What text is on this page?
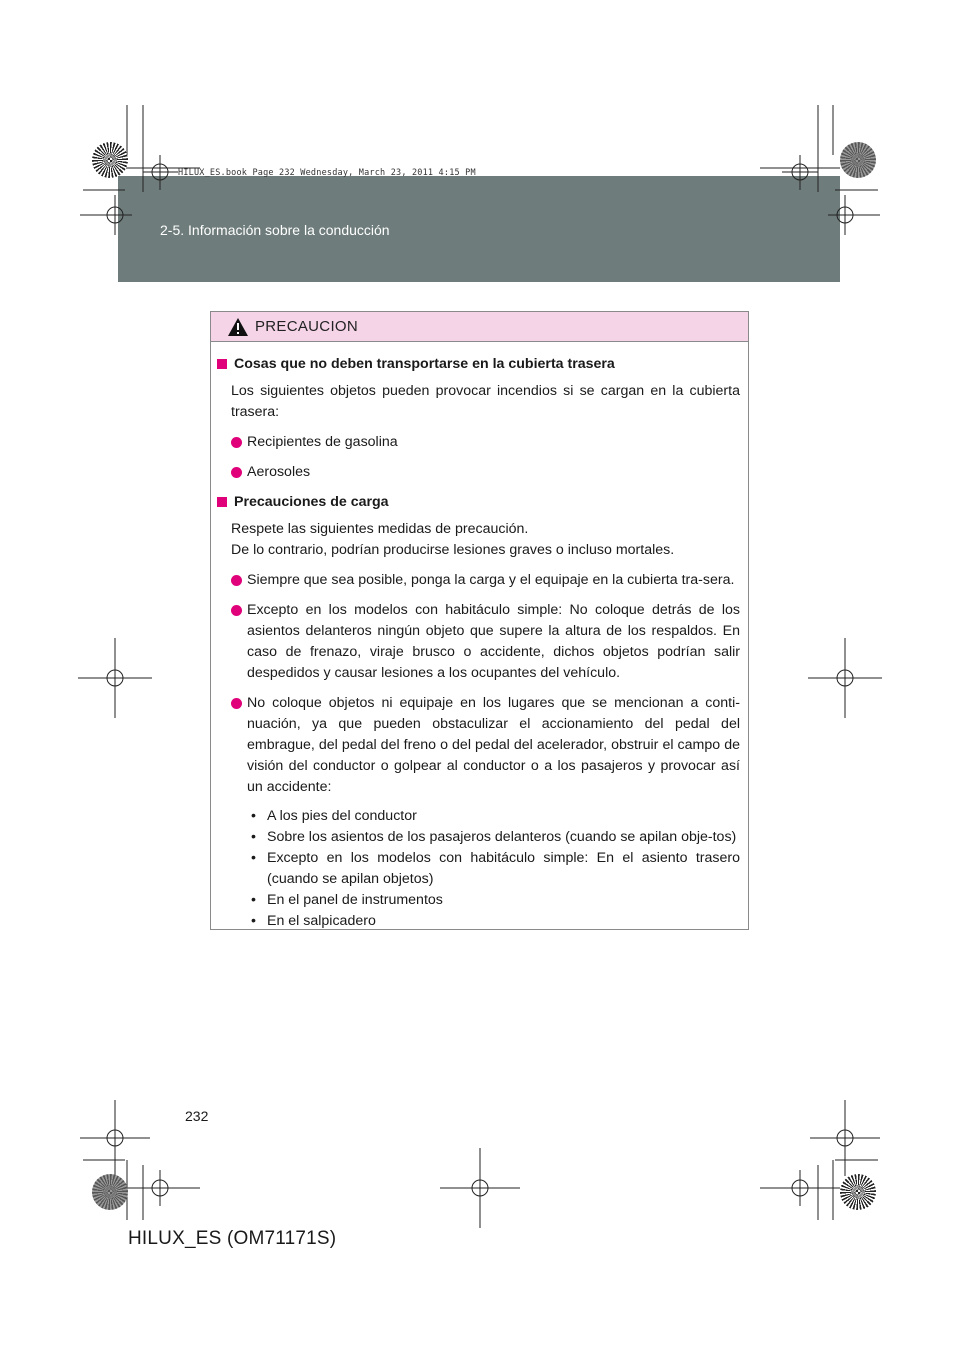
2-5. Información sobre la conducción
HILUX_ES.book Page 232 Wednesday, March 23, 2011 4:15 PM
PRECAUCION
Cosas que no deben transportarse en la cubierta trasera
Los siguientes objetos pueden provocar incendios si se cargan en la cubierta trasera:
Recipientes de gasolina
Aerosoles
Precauciones de carga
Respete las siguientes medidas de precaución.
De lo contrario, podrían producirse lesiones graves o incluso mortales.
Siempre que sea posible, ponga la carga y el equipaje en la cubierta tra-sera.
Excepto en los modelos con habitáculo simple: No coloque detrás de los asientos delanteros ningún objeto que supere la altura de los respaldos. En caso de frenazo, viraje brusco o accidente, dichos objetos podrían salir despedidos y causar lesiones a los ocupantes del vehículo.
No coloque objetos ni equipaje en los lugares que se mencionan a conti-nuación, ya que pueden obstaculizar el accionamiento del pedal del embrague, del pedal del freno o del pedal del acelerador, obstruir el campo de visión del conductor o golpear al conductor o a los pasajeros y provocar así un accidente:
• A los pies del conductor
• Sobre los asientos de los pasajeros delanteros (cuando se apilan obje-tos)
• Excepto en los modelos con habitáculo simple: En el asiento trasero (cuando se apilan objetos)
• En el panel de instrumentos
• En el salpicadero
232
HILUX_ES (OM71171S)
